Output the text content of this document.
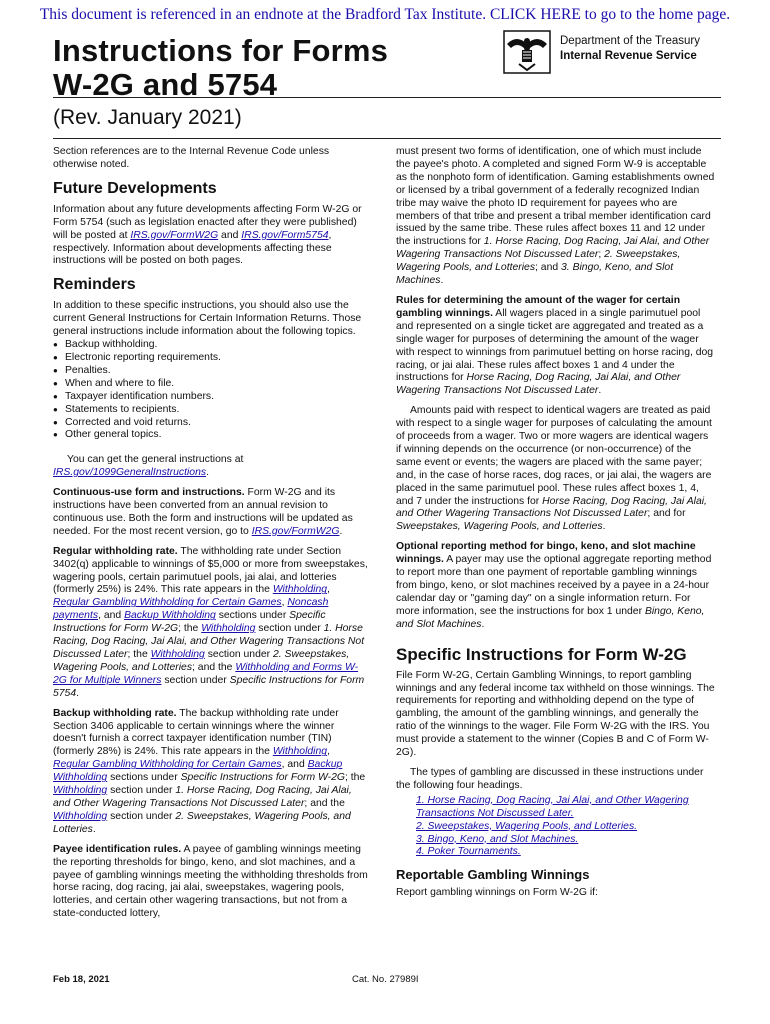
This document is referenced in an endnote at the Bradford Tax Institute. CLICK HERE to go to the home page.
Instructions for Forms
W-2G and 5754
Department of the Treasury
Internal Revenue Service
(Rev. January 2021)

Section references are to the Internal Revenue Code unless otherwise noted.

Future Developments

Information about any future developments affecting Form W-2G or Form 5754 (such as legislation enacted after they were published) will be posted at IRS.gov/FormW2G and IRS.gov/Form5754, respectively. Information about developments affecting these instructions will be posted on both pages.

Reminders

In addition to these specific instructions, you should also use the current General Instructions for Certain Information Returns. Those general instructions include information about the following topics.

● Backup withholding.
● Electronic reporting requirements.
● Penalties.
● When and where to file.
● Taxpayer identification numbers.
● Statements to recipients.
● Corrected and void returns.
● Other general topics.

You can get the general instructions at IRS.gov/1099GeneralInstructions.

Continuous-use form and instructions. Form W-2G and its instructions have been converted from an annual revision to continuous use. Both the form and instructions will be updated as needed. For the most recent version, go to IRS.gov/FormW2G.

Regular withholding rate. The withholding rate under Section 3402(q) applicable to winnings of $5,000 or more from sweepstakes, wagering pools, certain parimutuel pools, jai alai, and lotteries (formerly 25%) is 24%. This rate appears in the Withholding, Regular Gambling Withholding for Certain Games, Noncash payments, and Backup Withholding sections under Specific Instructions for Form W-2G; the Withholding section under 1. Horse Racing, Dog Racing, Jai Alai, and Other Wagering Transactions Not Discussed Later; the Withholding section under 2. Sweepstakes, Wagering Pools, and Lotteries; and the Withholding and Forms W-2G for Multiple Winners section under Specific Instructions for Form 5754.

Backup withholding rate. The backup withholding rate under Section 3406 applicable to certain winnings where the winner doesn't furnish a correct taxpayer identification number (TIN) (formerly 28%) is 24%. This rate appears in the Withholding, Regular Gambling Withholding for Certain Games, and Backup Withholding sections under Specific Instructions for Form W-2G; the Withholding section under 1. Horse Racing, Dog Racing, Jai Alai, and Other Wagering Transactions Not Discussed Later; and the Withholding section under 2. Sweepstakes, Wagering Pools, and Lotteries.

Payee identification rules. A payee of gambling winnings meeting the reporting thresholds for bingo, keno, and slot machines, and a payee of gambling winnings meeting the withholding thresholds from horse racing, dog racing, jai alai, sweepstakes, wagering pools, lotteries, and certain other wagering transactions, but not from a state-conducted lottery,

must present two forms of identification, one of which must include the payee's photo. A completed and signed Form W-9 is acceptable as the nonphoto form of identification. Gaming establishments owned or licensed by a tribal government of a federally recognized Indian tribe may waive the photo ID requirement for payees who are members of that tribe and present a tribal member identification card issued by the same tribe. These rules affect boxes 11 and 12 under the instructions for 1. Horse Racing, Dog Racing, Jai Alai, and Other Wagering Transactions Not Discussed Later; 2. Sweepstakes, Wagering Pools, and Lotteries; and 3. Bingo, Keno, and Slot Machines.

Rules for determining the amount of the wager for certain gambling winnings. All wagers placed in a single parimutuel pool and represented on a single ticket are aggregated and treated as a single wager for purposes of determining the amount of the wager with respect to winnings from parimutuel betting on horse racing, dog racing, or jai alai. These rules affect boxes 1 and 4 under the instructions for Horse Racing, Dog Racing, Jai Alai, and Other Wagering Transactions Not Discussed Later.

Amounts paid with respect to identical wagers are treated as paid with respect to a single wager for purposes of calculating the amount of proceeds from a wager. Two or more wagers are identical wagers if winning depends on the occurrence (or non-occurrence) of the same event or events; the wagers are placed with the same payer; and, in the case of horse races, dog races, or jai alai, the wagers are placed in the same parimutuel pool. These rules affect boxes 1, 4, and 7 under the instructions for Horse Racing, Dog Racing, Jai Alai, and Other Wagering Transactions Not Discussed Later; and for Sweepstakes, Wagering Pools, and Lotteries.

Optional reporting method for bingo, keno, and slot machine winnings. A payer may use the optional aggregate reporting method to report more than one payment of reportable gambling winnings from bingo, keno, or slot machines received by a payee in a 24-hour calendar day or "gaming day" on a single information return. For more information, see the instructions for box 1 under Bingo, Keno, and Slot Machines.

Specific Instructions for Form W-2G

File Form W-2G, Certain Gambling Winnings, to report gambling winnings and any federal income tax withheld on those winnings. The requirements for reporting and withholding depend on the type of gambling, the amount of the gambling winnings, and generally the ratio of the winnings to the wager. File Form W-2G with the IRS. You must provide a statement to the winner (Copies B and C of Form W-2G).

The types of gambling are discussed in these instructions under the following four headings.

1. Horse Racing, Dog Racing, Jai Alai, and Other Wagering Transactions Not Discussed Later.
2. Sweepstakes, Wagering Pools, and Lotteries.
3. Bingo, Keno, and Slot Machines.
4. Poker Tournaments.
Reportable Gambling Winnings

Report gambling winnings on Form W-2G if:

Feb 18, 2021	Cat. No. 27989I
